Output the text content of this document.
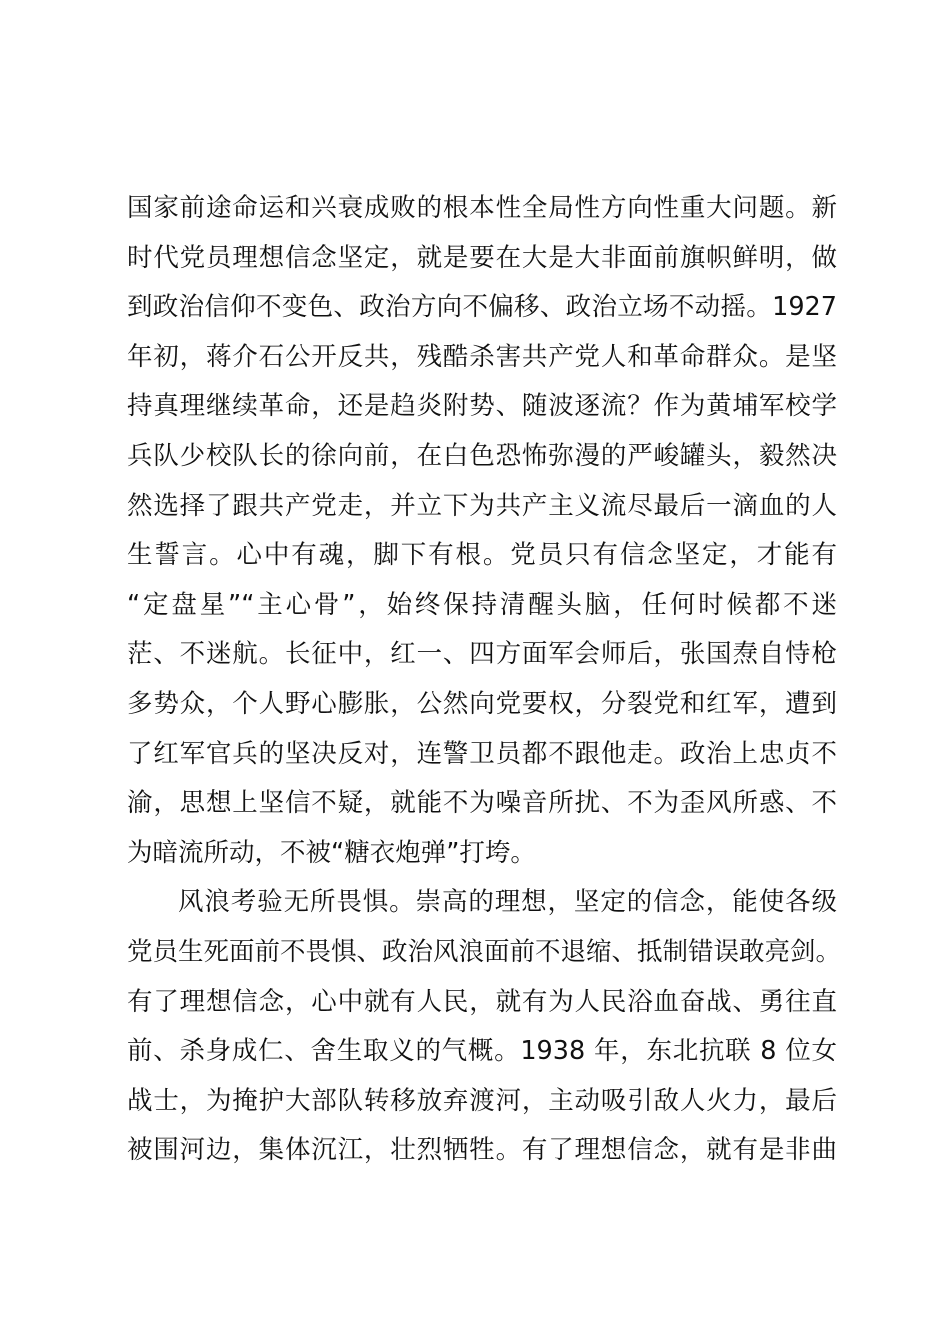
国家前途命运和兴衰成败的根本性全局性方向性重大问题。新
时代党员理想信念坚定，就是要在大是大非面前旗帜鲜明，做
到政治信仰不变色、政治方向不偏移、政治立场不动摇。1927
年初，蒋介石公开反共，残酷杀害共产党人和革命群众。是坚
持真理继续革命，还是趋炎附势、随波逐流？作为黄埔军校学
兵队少校队长的徐向前，在白色恐怖弥漫的严峻罐头，毅然决
然选择了跟共产党走，并立下为共产主义流尽最后一滴血的人
生誓言。心中有魂，脚下有根。党员只有信念坚定，才能有
“定盘星”“主心骨”，始终保持清醒头脑，任何时候都不迷
茫、不迷航。长征中，红一、四方面军会师后，张国焘自恃枪
多势众，个人野心膨胀，公然向党要权，分裂党和红军，遭到
了红军官兵的坚决反对，连警卫员都不跟他走。政治上忠贞不
渝，思想上坚信不疑，就能不为噪音所扰、不为歪风所惑、不
为暗流所动，不被“糖衣炮弹”打垮。
风浪考验无所畏惧。崇高的理想，坚定的信念，能使各级
党员生死面前不畏惧、政治风浪面前不退缩、抵制错误敢亮剑。
有了理想信念，心中就有人民，就有为人民浴血奋战、勇往直
前、杀身成仁、舍生取义的气概。1938 年，东北抗联 8 位女
战士，为掩护大部队转移放弃渡河，主动吸引敌人火力，最后
被围河边，集体沉江，壮烈牺牲。有了理想信念，就有是非曲
